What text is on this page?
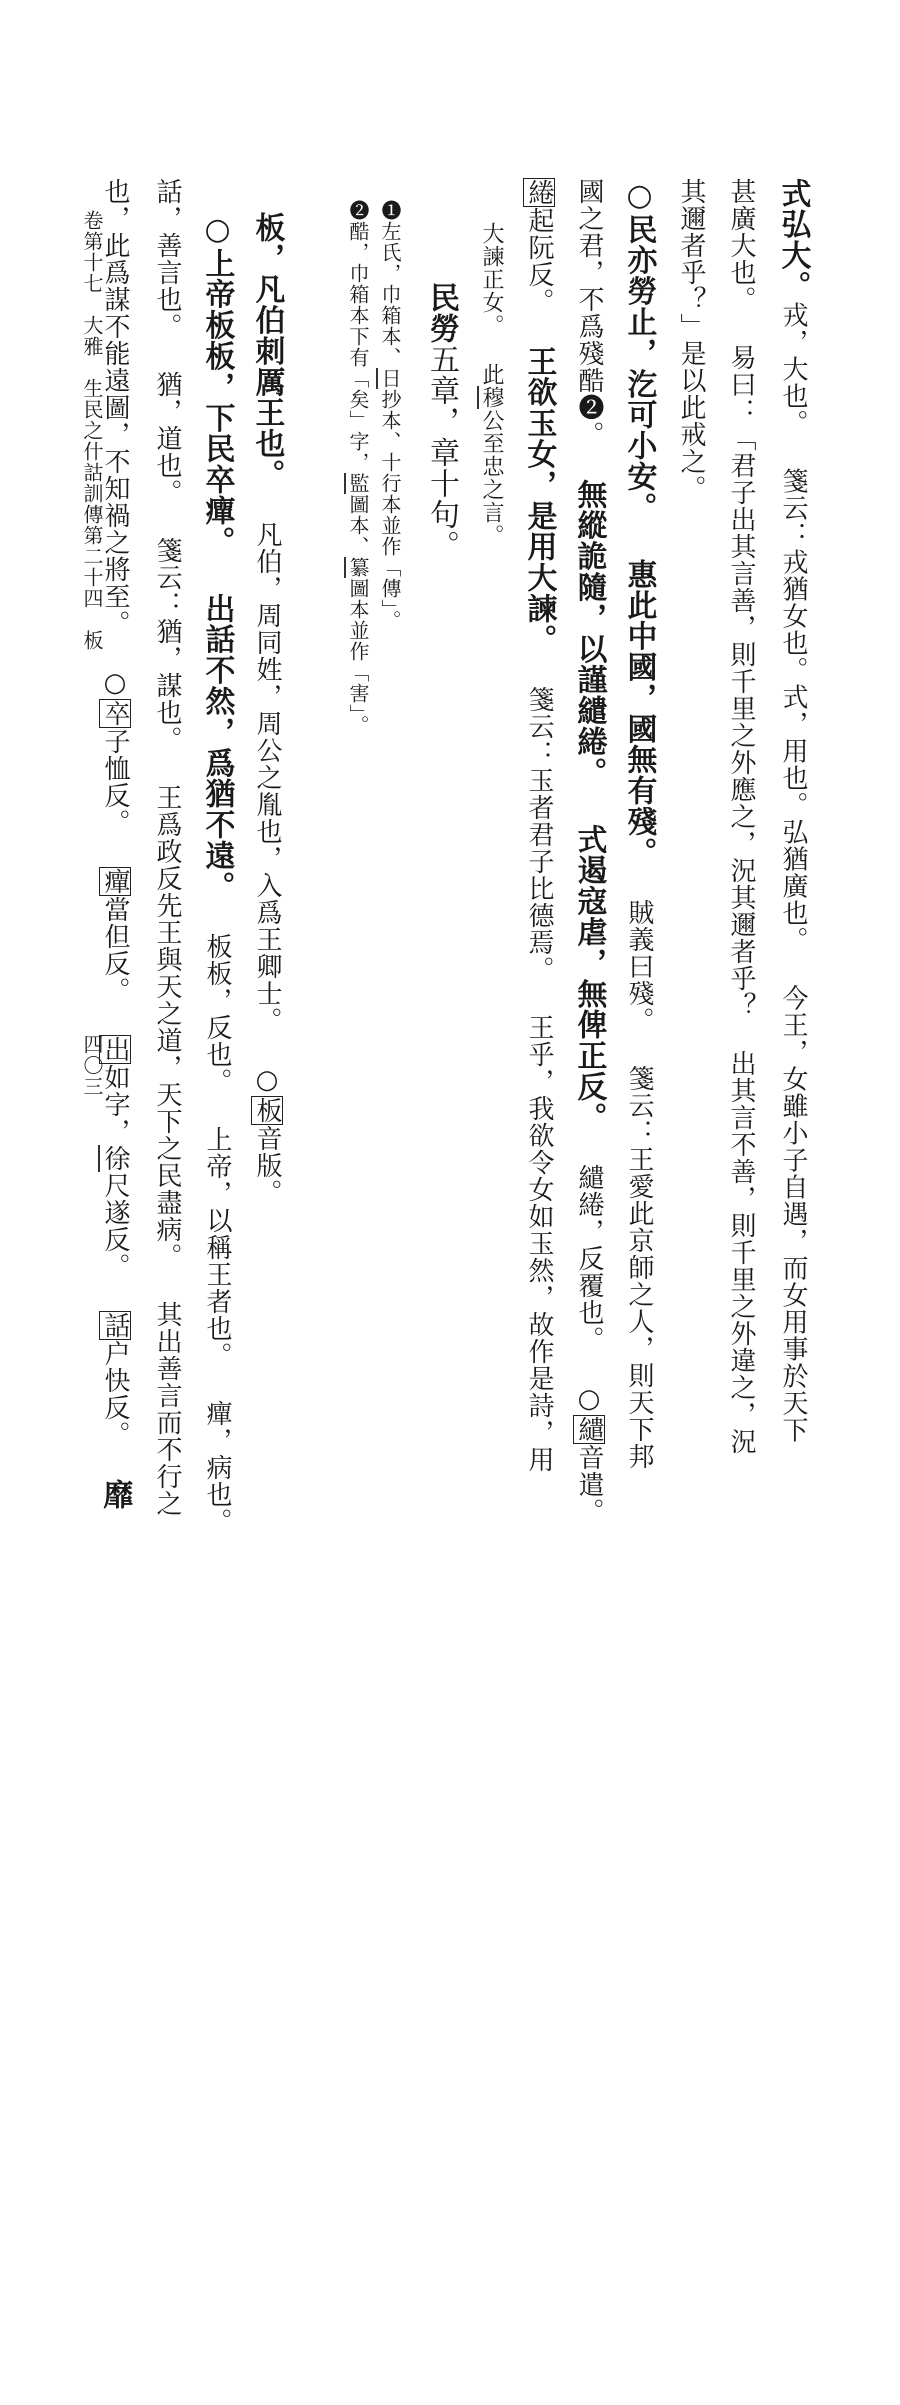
卷第十七　大雅　生民之什詁訓傳第二十四　板

四〇三

式弘大。戎，大也。 箋云：戎猶女也。式，用也。弘猶廣也。 今王，女雖小子自遇，而女用事於天下

甚廣大也。 易曰：「君子出其言善，則千里之外應之，況其邇者乎？ 出其言不善，則千里之外違之，況

其邇者乎？」是以此戒之。

○民亦勞止，汔可小安。 惠此中國，國無有殘。 賊義曰殘。 箋云：王愛此京師之人，則天下邦

國之君，不爲殘酷❷。 無縱詭隨，以謹繾綣。 式遏寇虐，無俾正反。 繾綣，反覆也。 ○繾音遣。

綣起阮反。 王欲玉女，是用大諫。 箋云：玉者君子比德焉。 王乎，我欲令女如玉然，故作是詩，用

大諫正女。 此穆公至忠之言。

民勞五章，章十句。

❶左氏，巾箱本、日抄本、十行本並作「傳」。

❷酷，巾箱本下有「矣」字，監圖本、纂圖本並作「害」。

板，凡伯刺厲王也。 凡伯，周同姓，周公之胤也，入爲王卿士。 ○板音版。

○上帝板板，下民卒癉。 出話不然，爲猶不遠。 板板，反也。 上帝，以稱王者也。 癉，病也。

話，善言也。 猶，道也。 箋云：猶，謀也。 王爲政反先王與天之道，天下之民盡病。 其出善言而不行之

也，此爲謀不能遠圖，不知禍之將至。 ○卒子恤反。 癉當但反。 出如字，徐尺遂反。 話户快反。 靡
